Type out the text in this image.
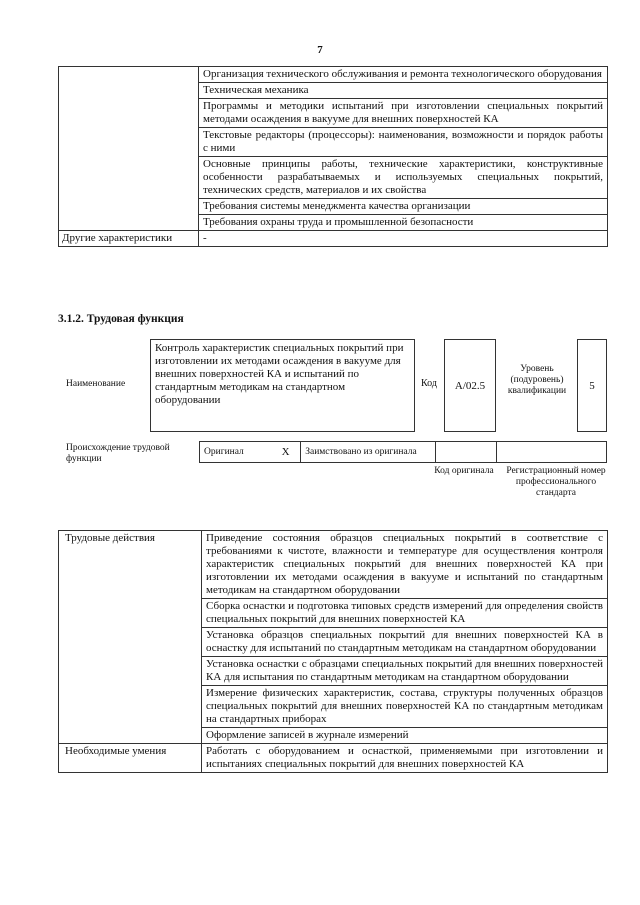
7
	Организация технического обслуживания и ремонта технологического оборудования
	Техническая механика
	Программы и методики испытаний при изготовлении специальных покрытий методами осаждения в вакууме для внешних поверхностей КА
	Текстовые редакторы (процессоры): наименования, возможности и порядок работы с ними
	Основные принципы работы, технические характеристики, конструктивные особенности разрабатываемых и используемых специальных покрытий, технических средств, материалов и их свойства
	Требования системы менеджмента качества организации
	Требования охраны труда и промышленной безопасности
Другие характеристики	-
3.1.2. Трудовая функция
Наименование
Контроль характеристик специальных покрытий при изготовлении их методами осаждения в вакууме для внешних поверхностей КА и испытаний по стандартным методикам на стандартном оборудовании
Код	А/02.5
Уровень (подуровень) квалификации	5
Происхождение трудовой функции
Оригинал	X	Заимствовано из оригинала		
Код оригинала Регистрационный номер профессионального стандарта
Трудовые действия	Приведение состояния образцов специальных покрытий в соответствие с требованиями к чистоте, влажности и температуре для осуществления контроля характеристик специальных покрытий для внешних поверхностей КА при изготовлении их методами осаждения в вакууме и испытаний по стандартным методикам на стандартном оборудовании
	Сборка оснастки и подготовка типовых средств измерений для определения свойств специальных покрытий для внешних поверхностей КА
	Установка образцов специальных покрытий для внешних поверхностей КА в оснастку для испытаний по стандартным методикам на стандартном оборудовании
	Установка оснастки с образцами специальных покрытий для внешних поверхностей КА для испытания по стандартным методикам на стандартном оборудовании
	Измерение физических характеристик, состава, структуры полученных образцов специальных покрытий для внешних поверхностей КА по стандартным методикам на стандартных приборах
	Оформление записей в журнале измерений
Необходимые умения	Работать с оборудованием и оснасткой, применяемыми при изготовлении и испытаниях специальных покрытий для внешних поверхностей КА
